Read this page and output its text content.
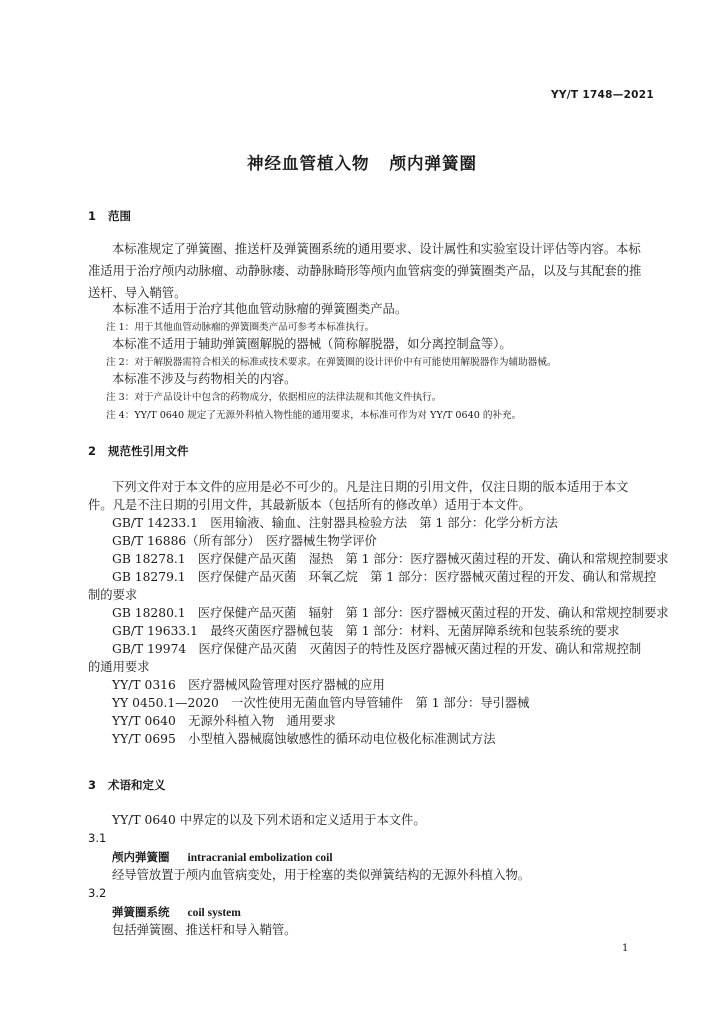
YY/T 1748—2021
神经血管植入物 颅内弹簧圈
1 范围
本标准规定了弹簧圈、推送杆及弹簧圈系统的通用要求、设计属性和实验室设计评估等内容。本标
准适用于治疗颅内动脉瘤、动静脉瘘、动静脉畸形等颅内血管病变的弹簧圈类产品，以及与其配套的推
送杆、导入鞘管。
本标准不适用于治疗其他血管动脉瘤的弹簧圈类产品。
注 1：用于其他血管动脉瘤的弹簧圈类产品可参考本标准执行。
本标准不适用于辅助弹簧圈解脱的器械（简称解脱器，如分离控制盒等）。
注 2：对于解脱器需符合相关的标准或技术要求。在弹簧圈的设计评价中有可能使用解脱器作为辅助器械。
本标准不涉及与药物相关的内容。
注 3：对于产品设计中包含的药物成分，依据相应的法律法规和其他文件执行。
注 4：YY/T 0640 规定了无源外科植入物性能的通用要求，本标准可作为对 YY/T 0640 的补充。
2 规范性引用文件
下列文件对于本文件的应用是必不可少的。凡是注日期的引用文件，仅注日期的版本适用于本文
件。凡是不注日期的引用文件，其最新版本（包括所有的修改单）适用于本文件。
GB/T 14233.1　医用输液、输血、注射器具检验方法　第 1 部分：化学分析方法
GB/T 16886（所有部分）　医疗器械生物学评价
GB 18278.1　医疗保健产品灭菌　湿热　第 1 部分：医疗器械灭菌过程的开发、确认和常规控制要求
GB 18279.1　医疗保健产品灭菌　环氧乙烷　第 1 部分：医疗器械灭菌过程的开发、确认和常规控
制的要求
GB 18280.1　医疗保健产品灭菌　辐射　第 1 部分：医疗器械灭菌过程的开发、确认和常规控制要求
GB/T 19633.1　最终灭菌医疗器械包装　第 1 部分：材料、无菌屏障系统和包装系统的要求
GB/T 19974　医疗保健产品灭菌　灭菌因子的特性及医疗器械灭菌过程的开发、确认和常规控制
的通用要求
YY/T 0316　医疗器械风险管理对医疗器械的应用
YY 0450.1—2020　一次性使用无菌血管内导管辅件　第 1 部分：导引器械
YY/T 0640　无源外科植入物　通用要求
YY/T 0695　小型植入器械腐蚀敏感性的循环动电位极化标准测试方法
3 术语和定义
YY/T 0640 中界定的以及下列术语和定义适用于本文件。
3.1
颅内弹簧圈 intracranial embolization coil
经导管放置于颅内血管病变处，用于栓塞的类似弹簧结构的无源外科植入物。
3.2
弹簧圈系统 coil system
包括弹簧圈、推送杆和导入鞘管。
1
